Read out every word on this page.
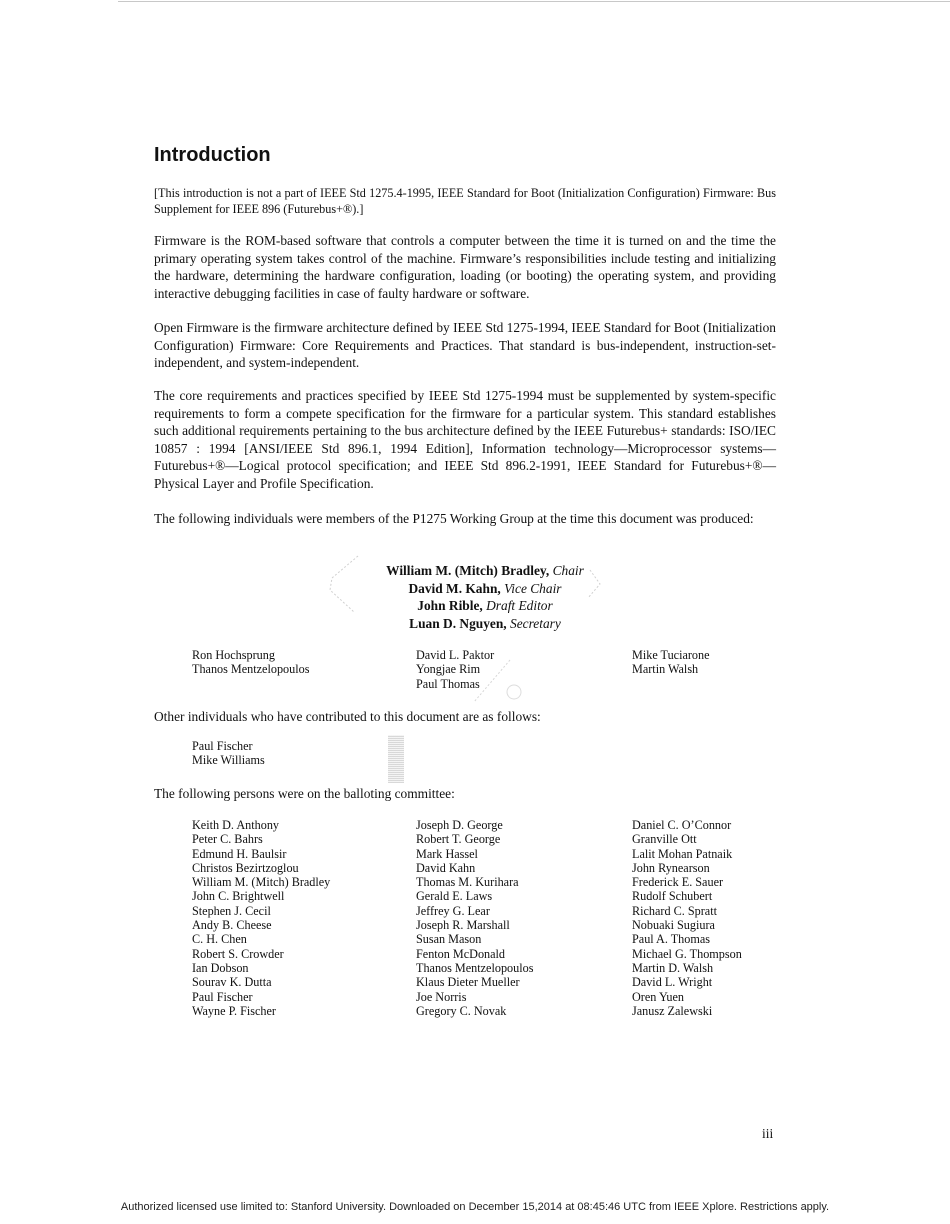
Introduction

[This introduction is not a part of IEEE Std 1275.4-1995, IEEE Standard for Boot (Initialization Configuration) Firmware: Bus Supplement for IEEE 896 (Futurebus+®).]

Firmware is the ROM-based software that controls a computer between the time it is turned on and the time the primary operating system takes control of the machine. Firmware’s responsibilities include testing and initializing the hardware, determining the hardware configuration, loading (or booting) the operating system, and providing interactive debugging facilities in case of faulty hardware or software.

Open Firmware is the firmware architecture defined by IEEE Std 1275-1994, IEEE Standard for Boot (Initialization Configuration) Firmware: Core Requirements and Practices. That standard is bus-independent, instruction-set-independent, and system-independent.

The core requirements and practices specified by IEEE Std 1275-1994 must be supplemented by system-specific requirements to form a compete specification for the firmware for a particular system. This standard establishes such additional requirements pertaining to the bus architecture defined by the IEEE Futurebus+ standards: ISO/IEC 10857 : 1994 [ANSI/IEEE Std 896.1, 1994 Edition], Information technology—Microprocessor systems—Futurebus+®—Logical protocol specification; and IEEE Std 896.2-1991, IEEE Standard for Futurebus+®—Physical Layer and Profile Specification.

The following individuals were members of the P1275 Working Group at the time this document was produced:

William M. (Mitch) Bradley, Chair
David M. Kahn, Vice Chair
John Rible, Draft Editor
Luan D. Nguyen, Secretary
Ron Hochsprung
Thanos Mentzelopoulos
David L. Paktor
Yongjae Rim
Paul Thomas
Mike Tuciarone
Martin Walsh

Other individuals who have contributed to this document are as follows:

Paul Fischer
Mike Williams

The following persons were on the balloting committee:

Keith D. Anthony
Peter C. Bahrs
Edmund H. Baulsir
Christos Bezirtzoglou
William M. (Mitch) Bradley
John C. Brightwell
Stephen J. Cecil
Andy B. Cheese
C. H. Chen
Robert S. Crowder
Ian Dobson
Sourav K. Dutta
Paul Fischer
Wayne P. Fischer
Joseph D. George
Robert T. George
Mark Hassel
David Kahn
Thomas M. Kurihara
Gerald E. Laws
Jeffrey G. Lear
Joseph R. Marshall
Susan Mason
Fenton McDonald
Thanos Mentzelopoulos
Klaus Dieter Mueller
Joe Norris
Gregory C. Novak
Daniel C. O’Connor
Granville Ott
Lalit Mohan Patnaik
John Rynearson
Frederick E. Sauer
Rudolf Schubert
Richard C. Spratt
Nobuaki Sugiura
Paul A. Thomas
Michael G. Thompson
Martin D. Walsh
David L. Wright
Oren Yuen
Janusz Zalewski
iii
Authorized licensed use limited to: Stanford University. Downloaded on December 15,2014 at 08:45:46 UTC from IEEE Xplore. Restrictions apply.
